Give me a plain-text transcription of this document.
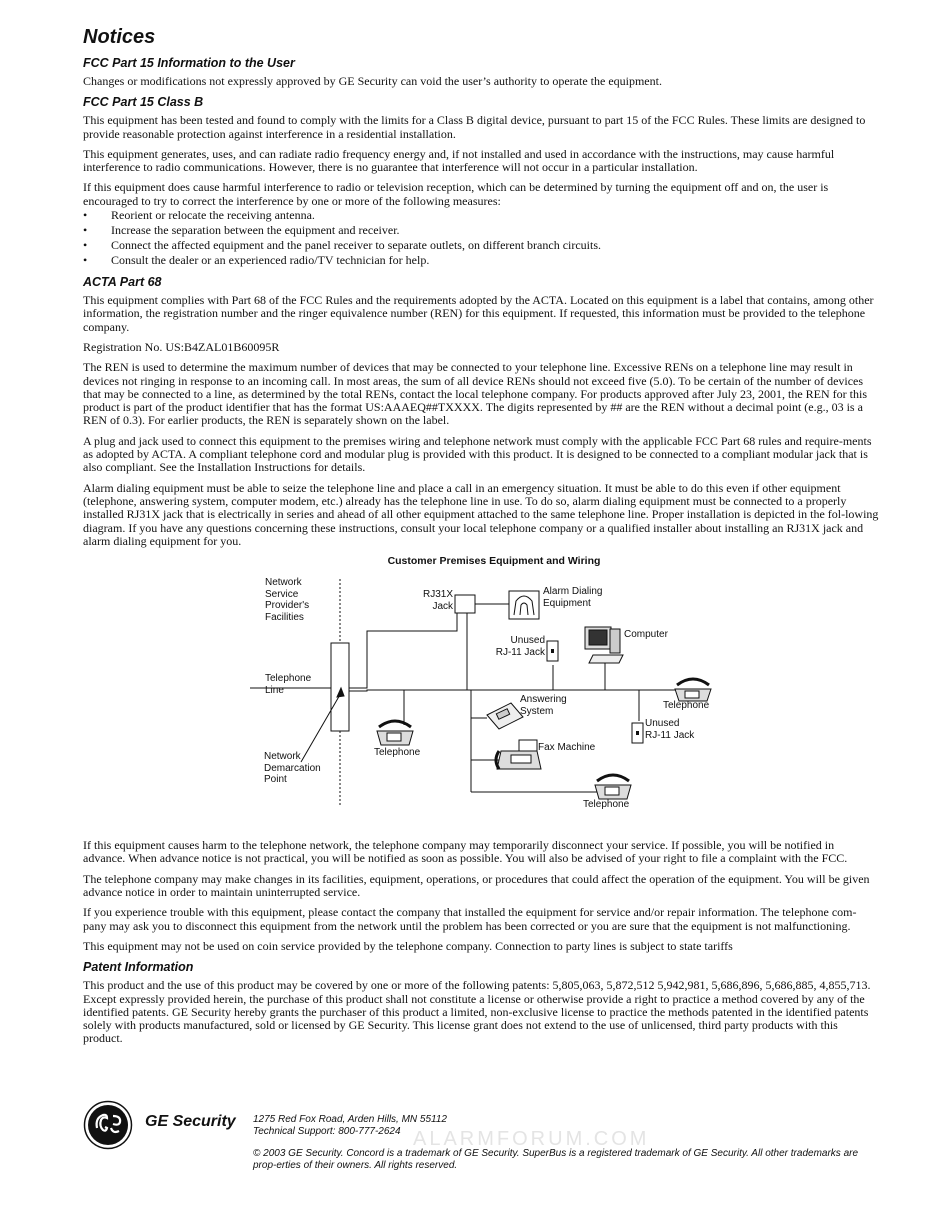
Notices
FCC Part 15 Information to the User

Changes or modifications not expressly approved by GE Security can void the user’s authority to operate the equipment.

FCC Part 15 Class B

This equipment has been tested and found to comply with the limits for a Class B digital device, pursuant to part 15 of the FCC Rules. These limits are designed to provide reasonable protection against interference in a residential installation.

This equipment generates, uses, and can radiate radio frequency energy and, if not installed and used in accordance with the instructions, may cause harmful interference to radio communications. However, there is no guarantee that interference will not occur in a particular installation.

If this equipment does cause harmful interference to radio or television reception, which can be determined by turning the equipment off and on, the user is encouraged to try to correct the interference by one or more of the following measures:

• Reorient or relocate the receiving antenna.
• Increase the separation between the equipment and receiver.
• Connect the affected equipment and the panel receiver to separate outlets, on different branch circuits.
• Consult the dealer or an experienced radio/TV technician for help.
ACTA Part 68

This equipment complies with Part 68 of the FCC Rules and the requirements adopted by the ACTA. Located on this equipment is a label that contains, among other information, the registration number and the ringer equivalence number (REN) for this equipment. If requested, this information must be provided to the telephone company.

Registration No. US:B4ZAL01B60095R

The REN is used to determine the maximum number of devices that may be connected to your telephone line. Excessive RENs on a telephone line may result in devices not ringing in response to an incoming call. In most areas, the sum of all device RENs should not exceed five (5.0). To be certain of the number of devices that may be connected to a line, as determined by the total RENs, contact the local telephone company. For products approved after July 23, 2001, the REN for this product is part of the product identifier that has the format US:AAAEQ##TXXXX. The digits represented by ## are the REN without a decimal point (e.g., 03 is a REN of 0.3). For earlier products, the REN is separately shown on the label.

A plug and jack used to connect this equipment to the premises wiring and telephone network must comply with the applicable FCC Part 68 rules and require-ments as adopted by ACTA. A compliant telephone cord and modular plug is provided with this product. It is designed to be connected to a compliant modular jack that is also compliant. See the Installation Instructions for details.

Alarm dialing equipment must be able to seize the telephone line and place a call in an emergency situation. It must be able to do this even if other equipment (telephone, answering system, computer modem, etc.) already has the telephone line in use. To do so, alarm dialing equipment must be connected to a properly installed RJ31X jack that is electrically in series and ahead of all other equipment attached to the same telephone line. Proper installation is depicted in the fol-lowing diagram. If you have any questions concerning these instructions, consult your local telephone company or a qualified installer about installing an RJ31X jack and alarm dialing equipment for you.

Customer Premises Equipment and Wiring
Network
Service
Provider's
Facilities
Telephone
Line
Network
Demarcation
Point
RJ31X
Jack
Alarm Dialing
Equipment
Unused
RJ-11 Jack
Computer
Telephone
Answering
System
Telephone
Unused
RJ-11 Jack
Fax Machine
Telephone

If this equipment causes harm to the telephone network, the telephone company may temporarily disconnect your service. If possible, you will be notified in advance. When advance notice is not practical, you will be notified as soon as possible. You will also be advised of your right to file a complaint with the FCC.

The telephone company may make changes in its facilities, equipment, operations, or procedures that could affect the operation of the equipment. You will be given advance notice in order to maintain uninterrupted service.

If you experience trouble with this equipment, please contact the company that installed the equipment for service and/or repair information. The telephone com-pany may ask you to disconnect this equipment from the network until the problem has been corrected or you are sure that the equipment is not malfunctioning.

This equipment may not be used on coin service provided by the telephone company. Connection to party lines is subject to state tariffs

Patent Information

This product and the use of this product may be covered by one or more of the following patents: 5,805,063, 5,872,512 5,942,981, 5,686,896, 5,686,885, 4,855,713. Except expressly provided herein, the purchase of this product shall not constitute a license or otherwise provide a right to practice a method covered by any of the identified patents. GE Security hereby grants the purchaser of this product a limited, non-exclusive license to practice the methods patented in the identified patents solely with products manufactured, sold or licensed by GE Security. This license grant does not extend to the use of unlicensed, third party products with this product.

GE Security
ALARMFORUM.COM
1275 Red Fox Road, Arden Hills, MN 55112
Technical Support: 800-777-2624
© 2003 GE Security. Concord is a trademark of GE Security. SuperBus is a registered trademark of GE Security. All other trademarks are prop-erties of their owners. All rights reserved.
